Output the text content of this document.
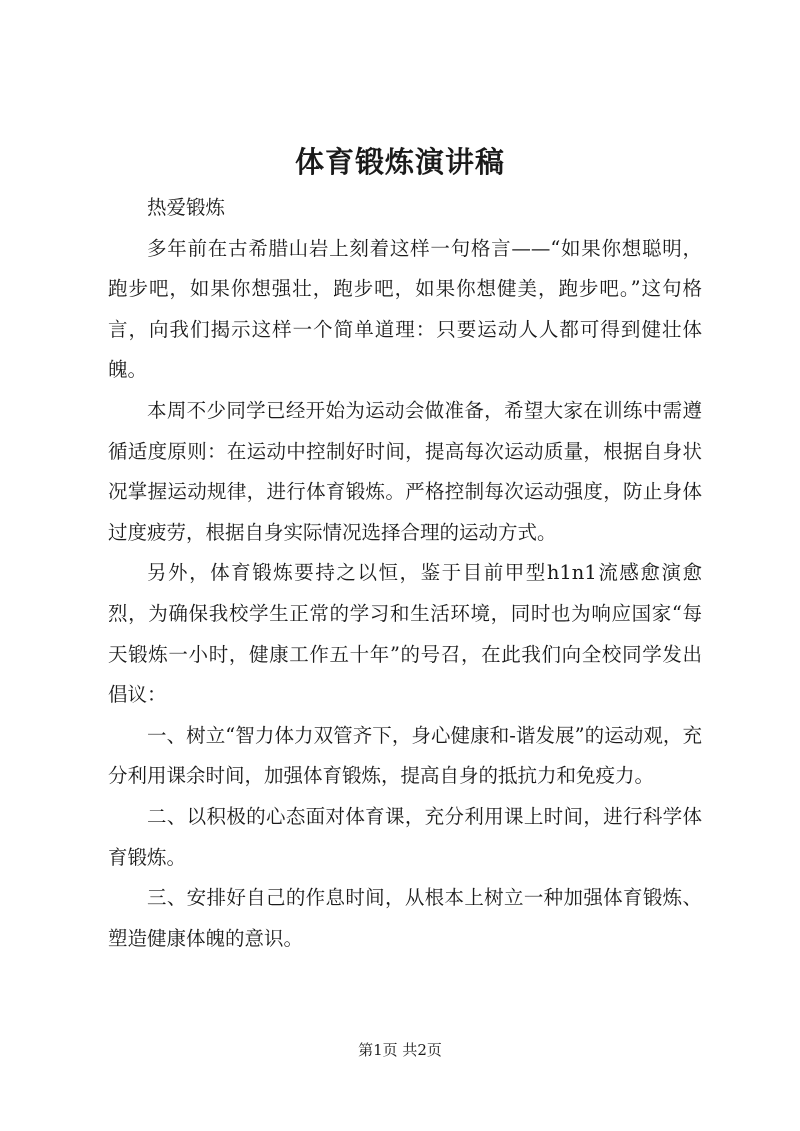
体育锻炼演讲稿

热爱锻炼

多年前在古希腊山岩上刻着这样一句格言——“如果你想聪明，跑步吧，如果你想强壮，跑步吧，如果你想健美，跑步吧。”这句格言，向我们揭示这样一个简单道理：只要运动人人都可得到健壮体魄。

本周不少同学已经开始为运动会做准备，希望大家在训练中需遵循适度原则：在运动中控制好时间，提高每次运动质量，根据自身状况掌握运动规律，进行体育锻炼。严格控制每次运动强度，防止身体过度疲劳，根据自身实际情况选择合理的运动方式。

另外，体育锻炼要持之以恒，鉴于目前甲型h1n1流感愈演愈烈，为确保我校学生正常的学习和生活环境，同时也为响应国家“每天锻炼一小时，健康工作五十年”的号召，在此我们向全校同学发出倡议：

一、树立“智力体力双管齐下，身心健康和-谐发展”的运动观，充分利用课余时间，加强体育锻炼，提高自身的抵抗力和免疫力。

二、以积极的心态面对体育课，充分利用课上时间，进行科学体育锻炼。

三、安排好自己的作息时间，从根本上树立一种加强体育锻炼、塑造健康体魄的意识。

第1页 共2页
